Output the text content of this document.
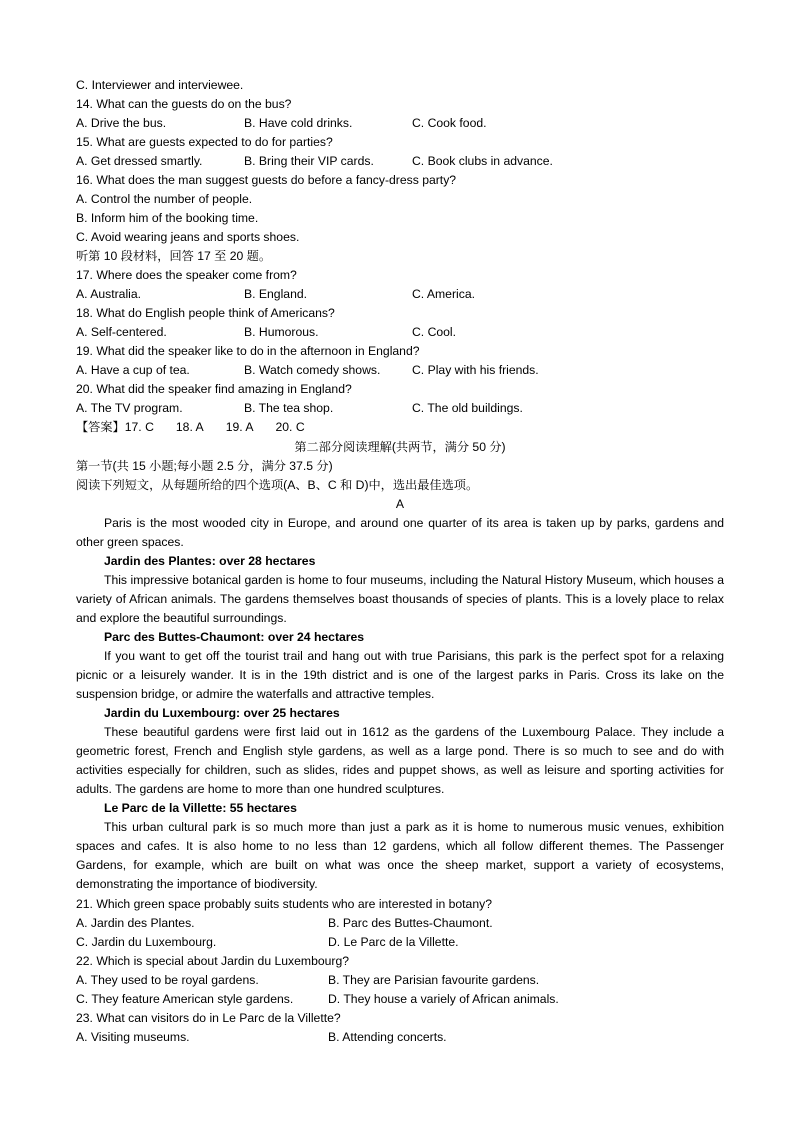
C. Interviewer and interviewee.
14. What can the guests do on the bus?
A. Drive the bus.	B. Have cold drinks.	C. Cook food.
15. What are guests expected to do for parties?
A. Get dressed smartly.	B. Bring their VIP cards.	C. Book clubs in advance.
16. What does the man suggest guests do before a fancy-dress party?
A. Control the number of people.
B. Inform him of the booking time.
C. Avoid wearing jeans and sports shoes.
听第 10 段材料，回答 17 至 20 题。
17. Where does the speaker come from?
A. Australia.	B. England.	C. America.
18. What do English people think of Americans?
A. Self-centered.	B. Humorous.	C. Cool.
19. What did the speaker like to do in the afternoon in England?
A. Have a cup of tea.	B. Watch comedy shows.	C. Play with his friends.
20. What did the speaker find amazing in England?
A. The TV program.	B. The tea shop.	C. The old buildings.
【答案】17. C 18. A 19. A 20. C
第二部分阅读理解(共两节，满分 50 分)
第一节(共 15 小题;每小题 2.5 分，满分 37.5 分)
阅读下列短文，从每题所给的四个选项(A、B、C 和 D)中，选出最佳选项。
A
Paris is the most wooded city in Europe, and around one quarter of its area is taken up by parks, gardens and other green spaces.
Jardin des Plantes: over 28 hectares
This impressive botanical garden is home to four museums, including the Natural History Museum, which houses a variety of African animals. The gardens themselves boast thousands of species of plants. This is a lovely place to relax and explore the beautiful surroundings.
Parc des Buttes-Chaumont: over 24 hectares
If you want to get off the tourist trail and hang out with true Parisians, this park is the perfect spot for a relaxing picnic or a leisurely wander. It is in the 19th district and is one of the largest parks in Paris. Cross its lake on the suspension bridge, or admire the waterfalls and attractive temples.
Jardin du Luxembourg: over 25 hectares
These beautiful gardens were first laid out in 1612 as the gardens of the Luxembourg Palace. They include a geometric forest, French and English style gardens, as well as a large pond. There is so much to see and do with activities especially for children, such as slides, rides and puppet shows, as well as leisure and sporting activities for adults. The gardens are home to more than one hundred sculptures.
Le Parc de la Villette: 55 hectares
This urban cultural park is so much more than just a park as it is home to numerous music venues, exhibition spaces and cafes. It is also home to no less than 12 gardens, which all follow different themes. The Passenger Gardens, for example, which are built on what was once the sheep market, support a variety of ecosystems, demonstrating the importance of biodiversity.
21. Which green space probably suits students who are interested in botany?
A. Jardin des Plantes.	B. Parc des Buttes-Chaumont.
C. Jardin du Luxembourg.	D. Le Parc de la Villette.
22. Which is special about Jardin du Luxembourg?
A. They used to be royal gardens.	B. They are Parisian favourite gardens.
C. They feature American style gardens.	D. They house a variely of African animals.
23. What can visitors do in Le Parc de la Villette?
A. Visiting museums.	B. Attending concerts.
